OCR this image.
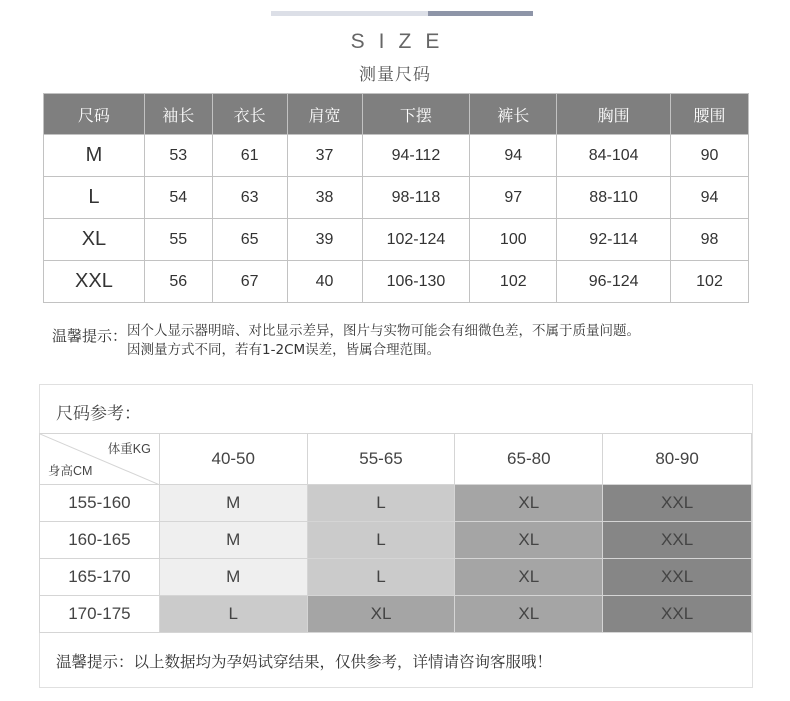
SIZE
测量尺码
尺码	袖长	衣长	肩宽	下摆	裤长	胸围	腰围
M	53	61	37	94-112	94	84-104	90
L	54	63	38	98-118	97	88-110	94
XL	55	65	39	102-124	100	92-114	98
XXL	56	67	40	106-130	102	96-124	102
温馨提示： 因个人显示器明暗、对比显示差异，图片与实物可能会有细微色差，不属于质量问题。
因测量方式不同，若有1-2CM误差，皆属合理范围。
尺码参考：
体重KG
身高CM	40-50	55-65	65-80	80-90
155-160	M	L	XL	XXL
160-165	M	L	XL	XXL
165-170	M	L	XL	XXL
170-175	L	XL	XL	XXL
温馨提示：以上数据均为孕妈试穿结果，仅供参考，详情请咨询客服哦！
